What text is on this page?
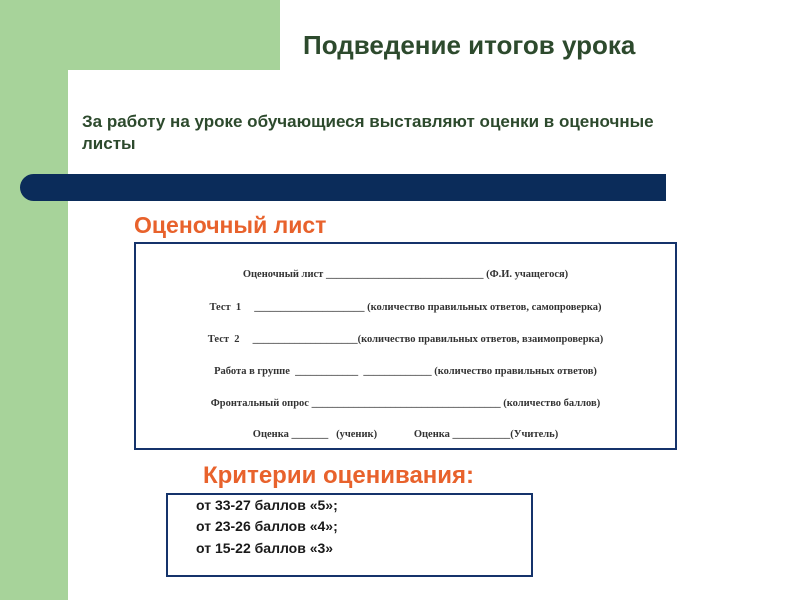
Подведение итогов урока

За работу на уроке обучающиеся выставляют оценки в оценочные листы

Оценочный лист
Оценочный лист ______________________________ (Ф.И. учащегося)
Тест  1     _____________________ (количество правильных ответов, самопроверка)
Тест  2     ____________________(количество правильных ответов, взаимопроверка)
Работа в группе  ____________  _____________ (количество правильных ответов)
Фронтальный опрос ____________________________________ (количество баллов)
Оценка _______   (ученик)              Оценка ___________(Учитель)
Критерии оценивания:
от 33-27 баллов «5»;
от 23-26 баллов «4»;
от 15-22 баллов «3»
